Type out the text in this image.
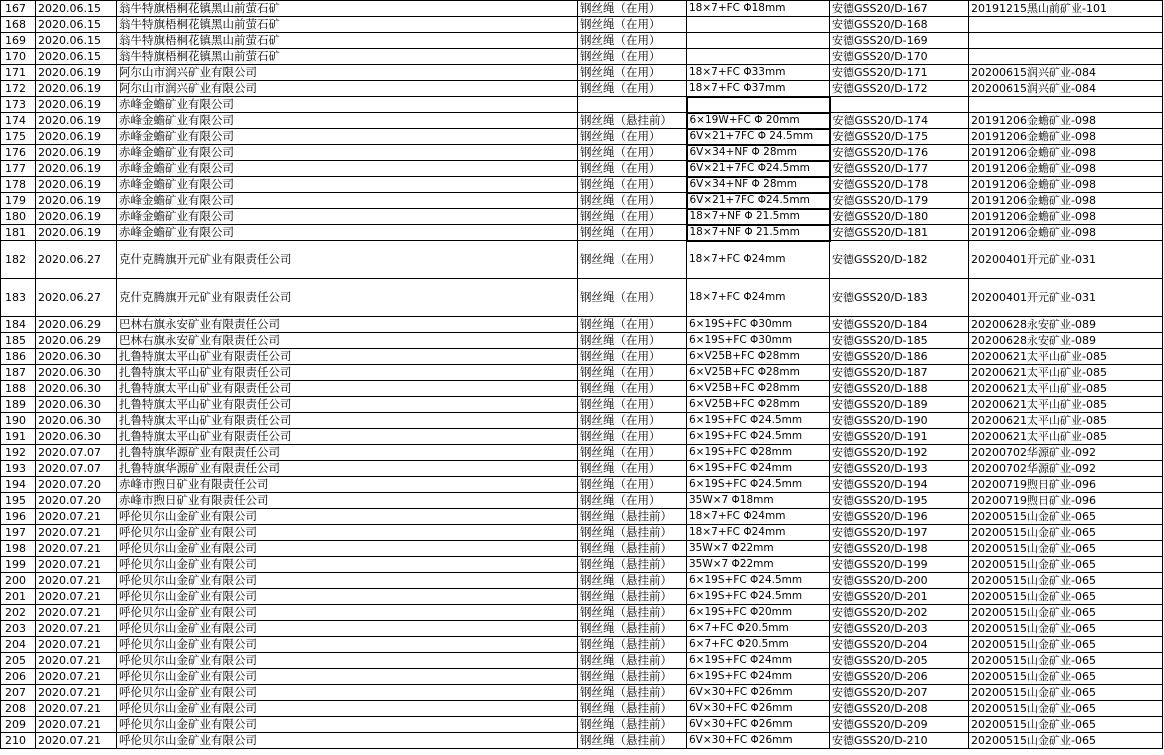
167	2020.06.15	翁牛特旗梧桐花镇黑山前萤石矿	钢丝绳（在用）	18×7+FC Φ18mm	安德GSS20/D-167	20191215黑山前矿业-101
168	2020.06.15	翁牛特旗梧桐花镇黑山前萤石矿	钢丝绳（在用）		安德GSS20/D-168	
169	2020.06.15	翁牛特旗梧桐花镇黑山前萤石矿	钢丝绳（在用）		安德GSS20/D-169	
170	2020.06.15	翁牛特旗梧桐花镇黑山前萤石矿	钢丝绳（在用）		安德GSS20/D-170	
171	2020.06.19	阿尔山市润兴矿业有限公司	钢丝绳（在用）	18×7+FC Φ33mm	安德GSS20/D-171	20200615润兴矿业-084
172	2020.06.19	阿尔山市润兴矿业有限公司	钢丝绳（在用）	18×7+FC Φ37mm	安德GSS20/D-172	20200615润兴矿业-084
173	2020.06.19	赤峰金蟾矿业有限公司				
174	2020.06.19	赤峰金蟾矿业有限公司	钢丝绳（悬挂前）	6×19W+FC Φ 20mm	安德GSS20/D-174	20191206金蟾矿业-098
175	2020.06.19	赤峰金蟾矿业有限公司	钢丝绳（在用）	6V×21+7FC Φ 24.5mm	安德GSS20/D-175	20191206金蟾矿业-098
176	2020.06.19	赤峰金蟾矿业有限公司	钢丝绳（在用）	6V×34+NF Φ 28mm	安德GSS20/D-176	20191206金蟾矿业-098
177	2020.06.19	赤峰金蟾矿业有限公司	钢丝绳（在用）	6V×21+7FC Φ24.5mm	安德GSS20/D-177	20191206金蟾矿业-098
178	2020.06.19	赤峰金蟾矿业有限公司	钢丝绳（在用）	6V×34+NF Φ 28mm	安德GSS20/D-178	20191206金蟾矿业-098
179	2020.06.19	赤峰金蟾矿业有限公司	钢丝绳（在用）	6V×21+7FC Φ24.5mm	安德GSS20/D-179	20191206金蟾矿业-098
180	2020.06.19	赤峰金蟾矿业有限公司	钢丝绳（在用）	18×7+NF Φ 21.5mm	安德GSS20/D-180	20191206金蟾矿业-098
181	2020.06.19	赤峰金蟾矿业有限公司	钢丝绳（在用）	18×7+NF Φ 21.5mm	安德GSS20/D-181	20191206金蟾矿业-098
182	2020.06.27	克什克腾旗开元矿业有限责任公司	钢丝绳（在用）	18×7+FC Φ24mm	安德GSS20/D-182	20200401开元矿业-031
183	2020.06.27	克什克腾旗开元矿业有限责任公司	钢丝绳（在用）	18×7+FC Φ24mm	安德GSS20/D-183	20200401开元矿业-031
184	2020.06.29	巴林右旗永安矿业有限责任公司	钢丝绳（在用）	6×19S+FC Φ30mm	安德GSS20/D-184	20200628永安矿业-089
185	2020.06.29	巴林右旗永安矿业有限责任公司	钢丝绳（在用）	6×19S+FC Φ30mm	安德GSS20/D-185	20200628永安矿业-089
186	2020.06.30	扎鲁特旗太平山矿业有限责任公司	钢丝绳（在用）	6×V25B+FC Φ28mm	安德GSS20/D-186	20200621太平山矿业-085
187	2020.06.30	扎鲁特旗太平山矿业有限责任公司	钢丝绳（在用）	6×V25B+FC Φ28mm	安德GSS20/D-187	20200621太平山矿业-085
188	2020.06.30	扎鲁特旗太平山矿业有限责任公司	钢丝绳（在用）	6×V25B+FC Φ28mm	安德GSS20/D-188	20200621太平山矿业-085
189	2020.06.30	扎鲁特旗太平山矿业有限责任公司	钢丝绳（在用）	6×V25B+FC Φ28mm	安德GSS20/D-189	20200621太平山矿业-085
190	2020.06.30	扎鲁特旗太平山矿业有限责任公司	钢丝绳（在用）	6×19S+FC Φ24.5mm	安德GSS20/D-190	20200621太平山矿业-085
191	2020.06.30	扎鲁特旗太平山矿业有限责任公司	钢丝绳（在用）	6×19S+FC Φ24.5mm	安德GSS20/D-191	20200621太平山矿业-085
192	2020.07.07	扎鲁特旗华源矿业有限责任公司	钢丝绳（在用）	6×19S+FC Φ28mm	安德GSS20/D-192	20200702华源矿业-092
193	2020.07.07	扎鲁特旗华源矿业有限责任公司	钢丝绳（在用）	6×19S+FC Φ24mm	安德GSS20/D-193	20200702华源矿业-092
194	2020.07.20	赤峰市煦日矿业有限责任公司	钢丝绳（在用）	6×19S+FC Φ24.5mm	安德GSS20/D-194	20200719煦日矿业-096
195	2020.07.20	赤峰市煦日矿业有限责任公司	钢丝绳（在用）	35W×7 Φ18mm	安德GSS20/D-195	20200719煦日矿业-096
196	2020.07.21	呼伦贝尔山金矿业有限公司	钢丝绳（悬挂前）	18×7+FC Φ24mm	安德GSS20/D-196	20200515山金矿业-065
197	2020.07.21	呼伦贝尔山金矿业有限公司	钢丝绳（悬挂前）	18×7+FC Φ24mm	安德GSS20/D-197	20200515山金矿业-065
198	2020.07.21	呼伦贝尔山金矿业有限公司	钢丝绳（悬挂前）	35W×7 Φ22mm	安德GSS20/D-198	20200515山金矿业-065
199	2020.07.21	呼伦贝尔山金矿业有限公司	钢丝绳（悬挂前）	35W×7 Φ22mm	安德GSS20/D-199	20200515山金矿业-065
200	2020.07.21	呼伦贝尔山金矿业有限公司	钢丝绳（悬挂前）	6×19S+FC Φ24.5mm	安德GSS20/D-200	20200515山金矿业-065
201	2020.07.21	呼伦贝尔山金矿业有限公司	钢丝绳（悬挂前）	6×19S+FC Φ24.5mm	安德GSS20/D-201	20200515山金矿业-065
202	2020.07.21	呼伦贝尔山金矿业有限公司	钢丝绳（悬挂前）	6×19S+FC Φ20mm	安德GSS20/D-202	20200515山金矿业-065
203	2020.07.21	呼伦贝尔山金矿业有限公司	钢丝绳（悬挂前）	6×7+FC Φ20.5mm	安德GSS20/D-203	20200515山金矿业-065
204	2020.07.21	呼伦贝尔山金矿业有限公司	钢丝绳（悬挂前）	6×7+FC Φ20.5mm	安德GSS20/D-204	20200515山金矿业-065
205	2020.07.21	呼伦贝尔山金矿业有限公司	钢丝绳（悬挂前）	6×19S+FC Φ24mm	安德GSS20/D-205	20200515山金矿业-065
206	2020.07.21	呼伦贝尔山金矿业有限公司	钢丝绳（悬挂前）	6×19S+FC Φ24mm	安德GSS20/D-206	20200515山金矿业-065
207	2020.07.21	呼伦贝尔山金矿业有限公司	钢丝绳（悬挂前）	6V×30+FC Φ26mm	安德GSS20/D-207	20200515山金矿业-065
208	2020.07.21	呼伦贝尔山金矿业有限公司	钢丝绳（悬挂前）	6V×30+FC Φ26mm	安德GSS20/D-208	20200515山金矿业-065
209	2020.07.21	呼伦贝尔山金矿业有限公司	钢丝绳（悬挂前）	6V×30+FC Φ26mm	安德GSS20/D-209	20200515山金矿业-065
210	2020.07.21	呼伦贝尔山金矿业有限公司	钢丝绳（悬挂前）	6V×30+FC Φ26mm	安德GSS20/D-210	20200515山金矿业-065
